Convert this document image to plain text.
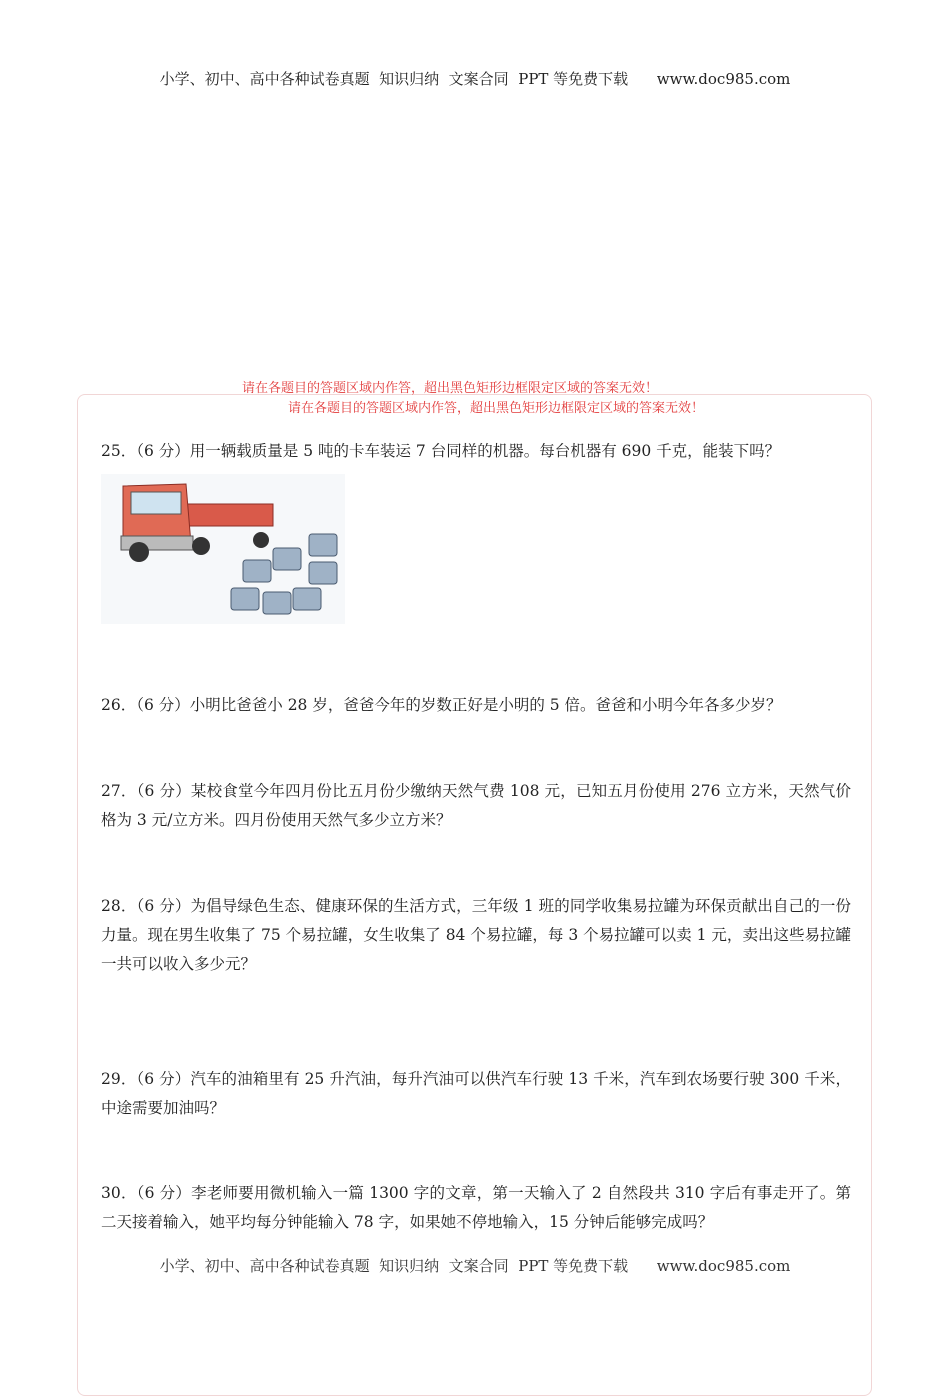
小学、初中、高中各种试卷真题  知识归纳  文案合同  PPT 等免费下载      www.doc985.com
请在各题目的答题区域内作答，超出黑色矩形边框限定区域的答案无效！
请在各题目的答题区域内作答，超出黑色矩形边框限定区域的答案无效！
25．（6 分）用一辆载质量是 5 吨的卡车装运 7 台同样的机器。每台机器有 690 千克，能装下吗？
26．（6 分）小明比爸爸小 28 岁，爸爸今年的岁数正好是小明的 5 倍。爸爸和小明今年各多少岁？
27．（6 分）某校食堂今年四月份比五月份少缴纳天然气费 108 元，已知五月份使用 276 立方米，天然气价格为 3 元/立方米。四月份使用天然气多少立方米？
28．（6 分）为倡导绿色生态、健康环保的生活方式，三年级 1 班的同学收集易拉罐为环保贡献出自己的一份力量。现在男生收集了 75 个易拉罐，女生收集了 84 个易拉罐，每 3 个易拉罐可以卖 1 元，卖出这些易拉罐一共可以收入多少元？
29．（6 分）汽车的油箱里有 25 升汽油，每升汽油可以供汽车行驶 13 千米，汽车到农场要行驶 300 千米，中途需要加油吗？
30．（6 分）李老师要用微机输入一篇 1300 字的文章，第一天输入了 2 自然段共 310 字后有事走开了。第二天接着输入，她平均每分钟能输入 78 字，如果她不停地输入，15 分钟后能够完成吗？
小学、初中、高中各种试卷真题  知识归纳  文案合同  PPT 等免费下载      www.doc985.com
